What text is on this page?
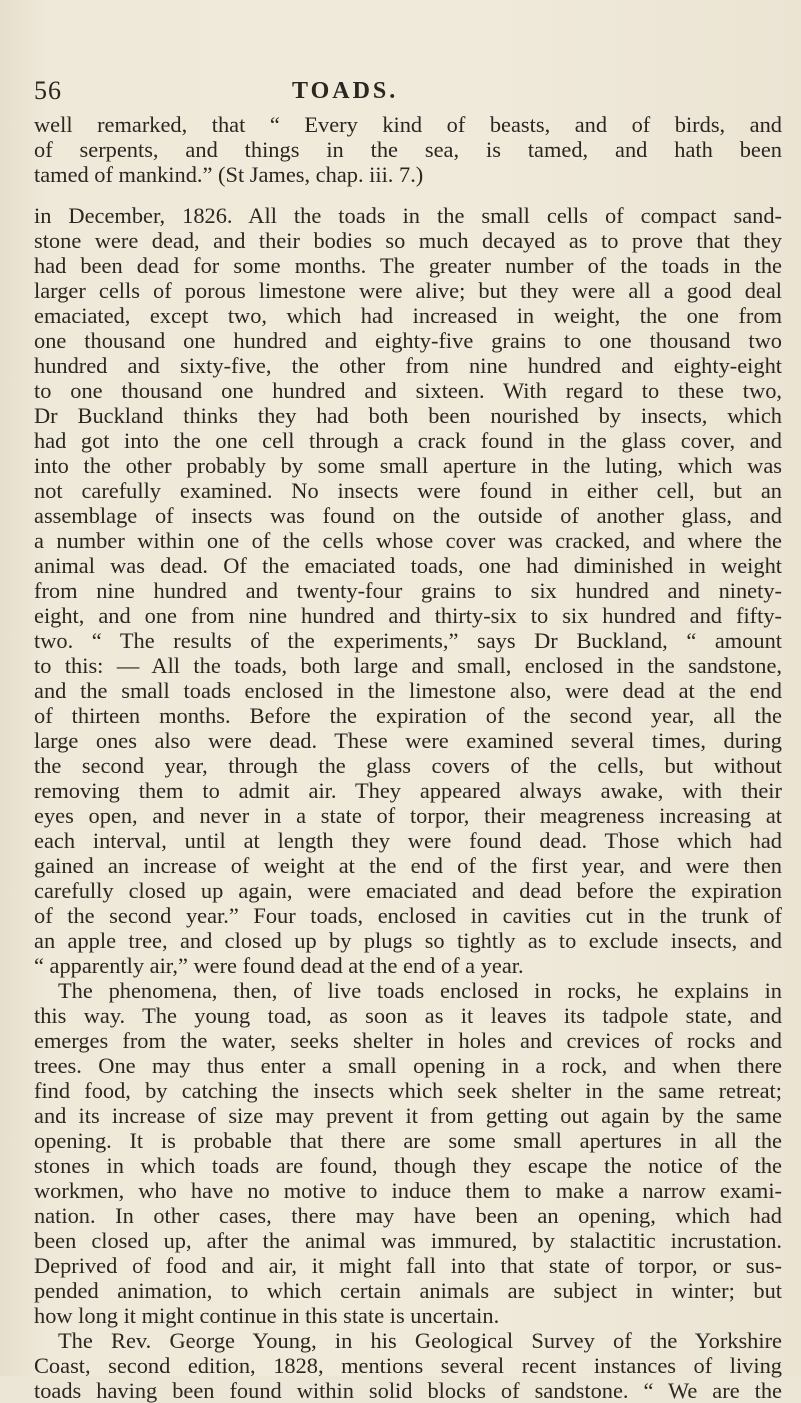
56	TOADS.
well remarked, that “ Every kind of beasts, and of birds, and
of serpents, and things in the sea, is tamed, and hath been
tamed of mankind.” (St James, chap. iii. 7.)
in December, 1826. All the toads in the small cells of compact sand-
stone were dead, and their bodies so much decayed as to prove that they
had been dead for some months. The greater number of the toads in the
larger cells of porous limestone were alive; but they were all a good deal
emaciated, except two, which had increased in weight, the one from
one thousand one hundred and eighty-five grains to one thousand two
hundred and sixty-five, the other from nine hundred and eighty-eight
to one thousand one hundred and sixteen. With regard to these two,
Dr Buckland thinks they had both been nourished by insects, which
had got into the one cell through a crack found in the glass cover, and
into the other probably by some small aperture in the luting, which was
not carefully examined. No insects were found in either cell, but an
assemblage of insects was found on the outside of another glass, and
a number within one of the cells whose cover was cracked, and where the
animal was dead. Of the emaciated toads, one had diminished in weight
from nine hundred and twenty-four grains to six hundred and ninety-
eight, and one from nine hundred and thirty-six to six hundred and fifty-
two. “ The results of the experiments,” says Dr Buckland, “ amount
to this: — All the toads, both large and small, enclosed in the sandstone,
and the small toads enclosed in the limestone also, were dead at the end
of thirteen months. Before the expiration of the second year, all the
large ones also were dead. These were examined several times, during
the second year, through the glass covers of the cells, but without
removing them to admit air. They appeared always awake, with their
eyes open, and never in a state of torpor, their meagreness increasing at
each interval, until at length they were found dead. Those which had
gained an increase of weight at the end of the first year, and were then
carefully closed up again, were emaciated and dead before the expiration
of the second year.” Four toads, enclosed in cavities cut in the trunk of
an apple tree, and closed up by plugs so tightly as to exclude insects, and
“ apparently air,” were found dead at the end of a year.
The phenomena, then, of live toads enclosed in rocks, he explains in
this way. The young toad, as soon as it leaves its tadpole state, and
emerges from the water, seeks shelter in holes and crevices of rocks and
trees. One may thus enter a small opening in a rock, and when there
find food, by catching the insects which seek shelter in the same retreat;
and its increase of size may prevent it from getting out again by the same
opening. It is probable that there are some small apertures in all the
stones in which toads are found, though they escape the notice of the
workmen, who have no motive to induce them to make a narrow exami-
nation. In other cases, there may have been an opening, which had
been closed up, after the animal was immured, by stalactitic incrustation.
Deprived of food and air, it might fall into that state of torpor, or sus-
pended animation, to which certain animals are subject in winter; but
how long it might continue in this state is uncertain.
The Rev. George Young, in his Geological Survey of the Yorkshire
Coast, second edition, 1828, mentions several recent instances of living
toads having been found within solid blocks of sandstone. “ We are the
